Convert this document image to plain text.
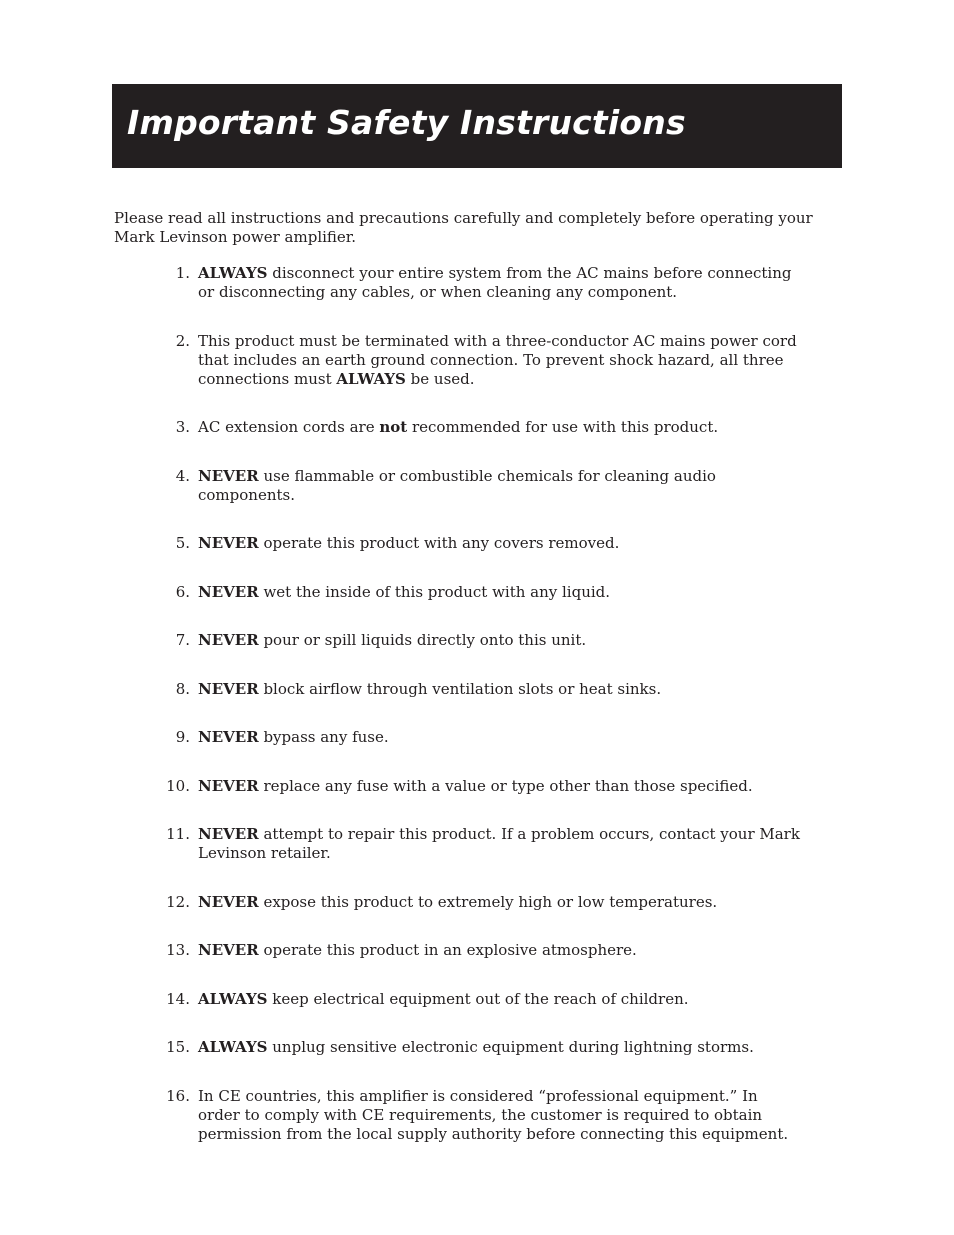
Important Safety Instructions

Please read all instructions and precautions carefully and completely before operating your Mark Levinson power amplifier.

1. ALWAYS disconnect your entire system from the AC mains before connecting or disconnecting any cables, or when cleaning any component.
2. This product must be terminated with a three-conductor AC mains power cord that includes an earth ground connection. To prevent shock hazard, all three connections must ALWAYS be used.
3. AC extension cords are not recommended for use with this product.
4. NEVER use flammable or combustible chemicals for cleaning audio components.
5. NEVER operate this product with any covers removed.
6. NEVER wet the inside of this product with any liquid.
7. NEVER pour or spill liquids directly onto this unit.
8. NEVER block airflow through ventilation slots or heat sinks.
9. NEVER bypass any fuse.
10. NEVER replace any fuse with a value or type other than those specified.
11. NEVER attempt to repair this product. If a problem occurs, contact your Mark Levinson retailer.
12. NEVER expose this product to extremely high or low temperatures.
13. NEVER operate this product in an explosive atmosphere.
14. ALWAYS keep electrical equipment out of the reach of children.
15. ALWAYS unplug sensitive electronic equipment during lightning storms.
16. In CE countries, this amplifier is considered “professional equipment.” In order to comply with CE requirements, the customer is required to obtain permission from the local supply authority before connecting this equipment.
